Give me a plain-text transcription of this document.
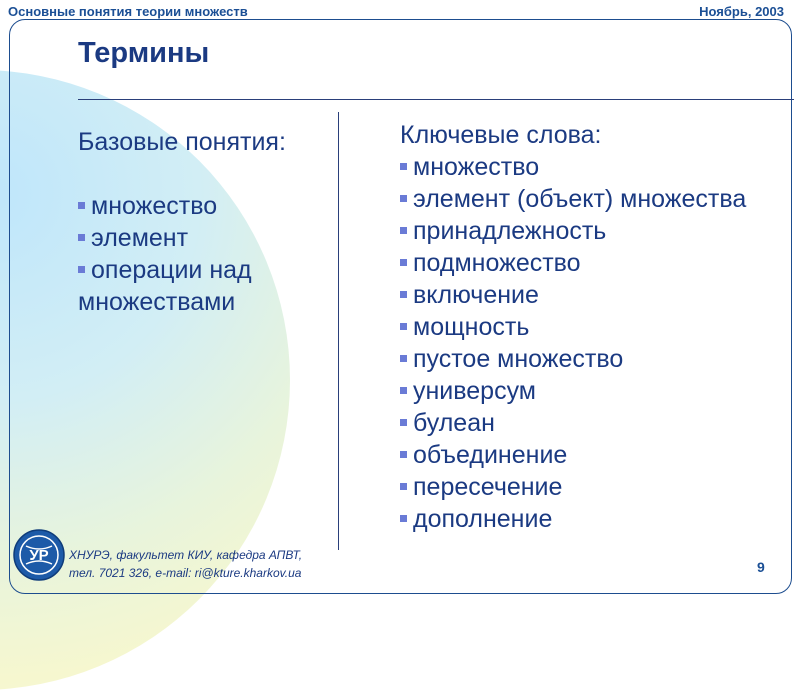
Основные понятия теории множеств	Ноябрь, 2003
Термины
Базовые понятия:
множество
элемент
операции над множествами
Ключевые слова:
множество
элемент (объект) множества
принадлежность
подмножество
включение
мощность
пустое множество
универсум
булеан
объединение
пересечение
дополнение
УР ХНУРЭ, факультет КИУ, кафедра АПВТ,
тел. 7021 326, e-mail: ri@kture.kharkov.ua	9
